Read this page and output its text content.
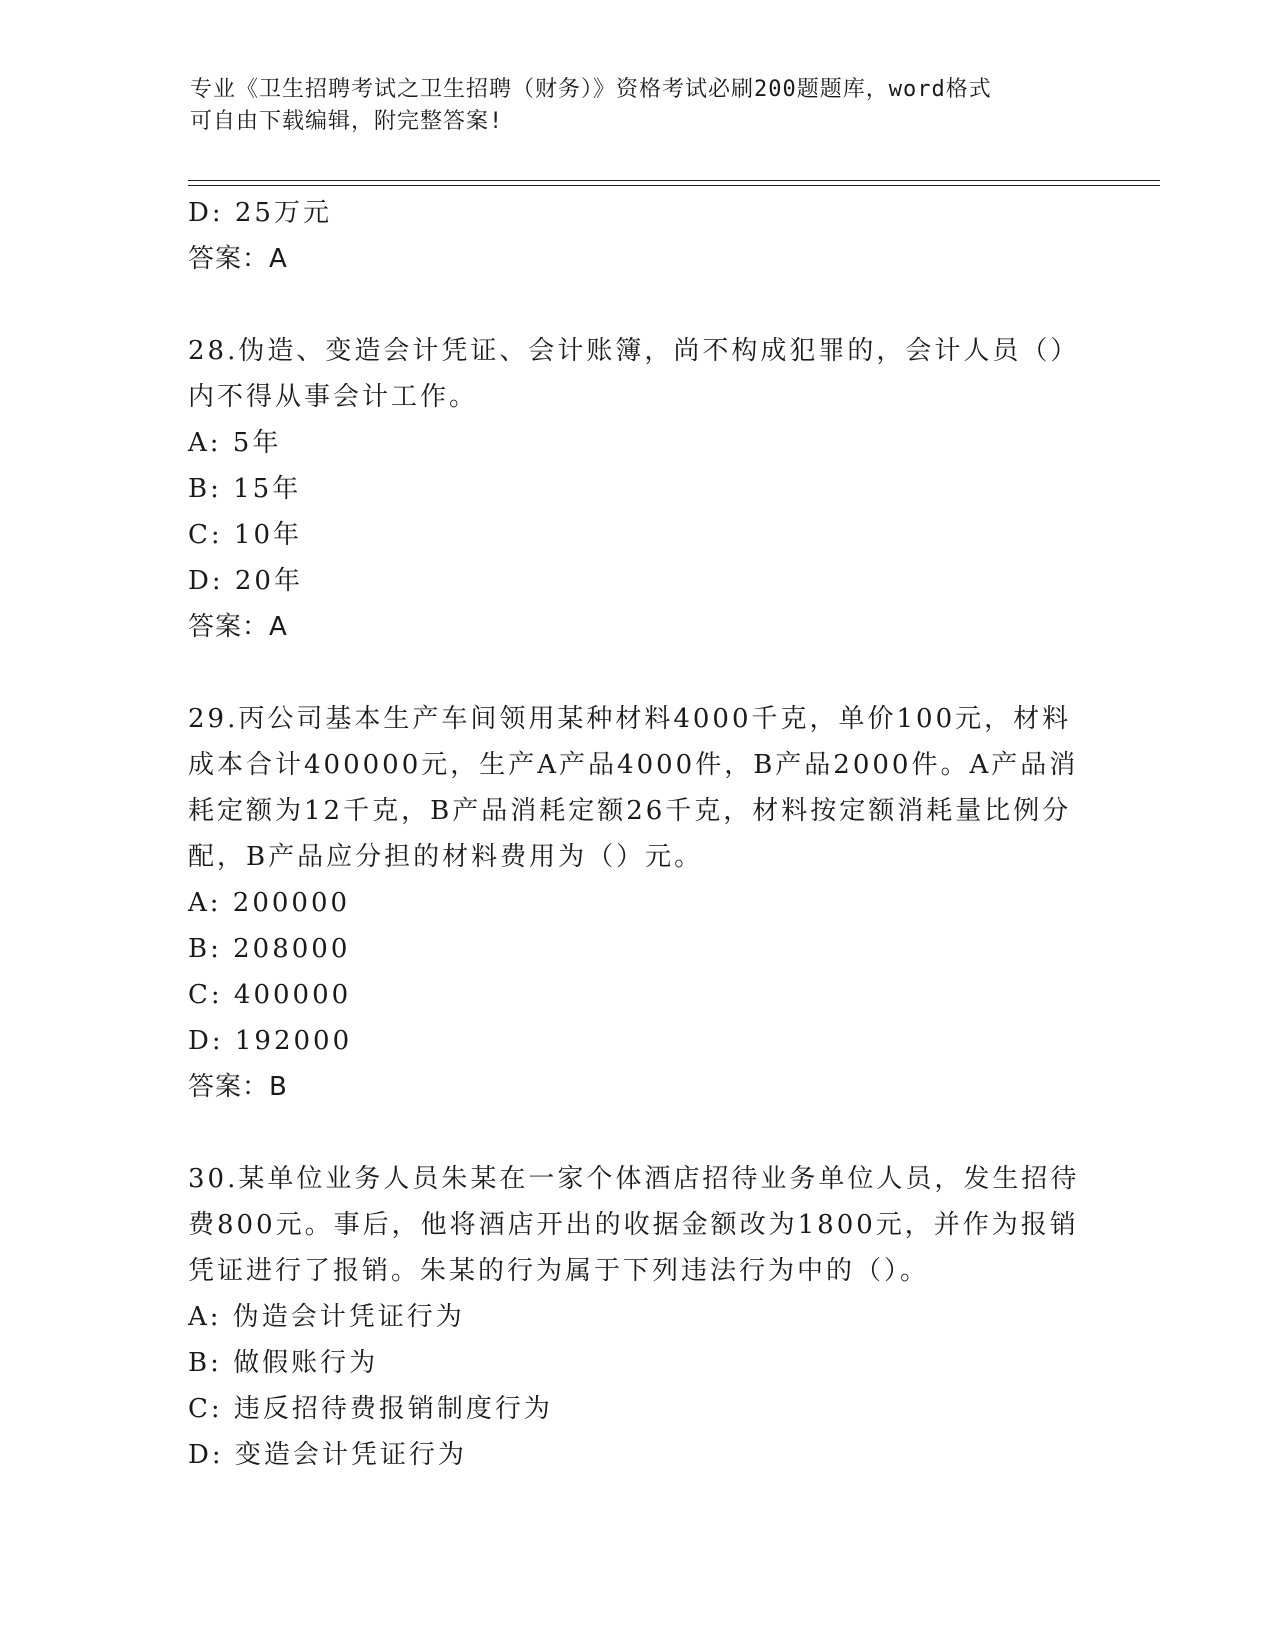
专业《卫生招聘考试之卫生招聘（财务）》资格考试必刷200题题库，word格式
可自由下载编辑，附完整答案!
D: 25万元
答案：A
28.伪造、变造会计凭证、会计账簿，尚不构成犯罪的，会计人员（）
内不得从事会计工作。
A: 5年
B: 15年
C: 10年
D: 20年
答案：A
29.丙公司基本生产车间领用某种材料4000千克，单价100元，材料
成本合计400000元，生产A产品4000件，B产品2000件。A产品消
耗定额为12千克，B产品消耗定额26千克，材料按定额消耗量比例分
配，B产品应分担的材料费用为（）元。
A: 200000
B: 208000
C: 400000
D: 192000
答案：B
30.某单位业务人员朱某在一家个体酒店招待业务单位人员，发生招待
费800元。事后，他将酒店开出的收据金额改为1800元，并作为报销
凭证进行了报销。朱某的行为属于下列违法行为中的（）。
A: 伪造会计凭证行为
B: 做假账行为
C: 违反招待费报销制度行为
D: 变造会计凭证行为
